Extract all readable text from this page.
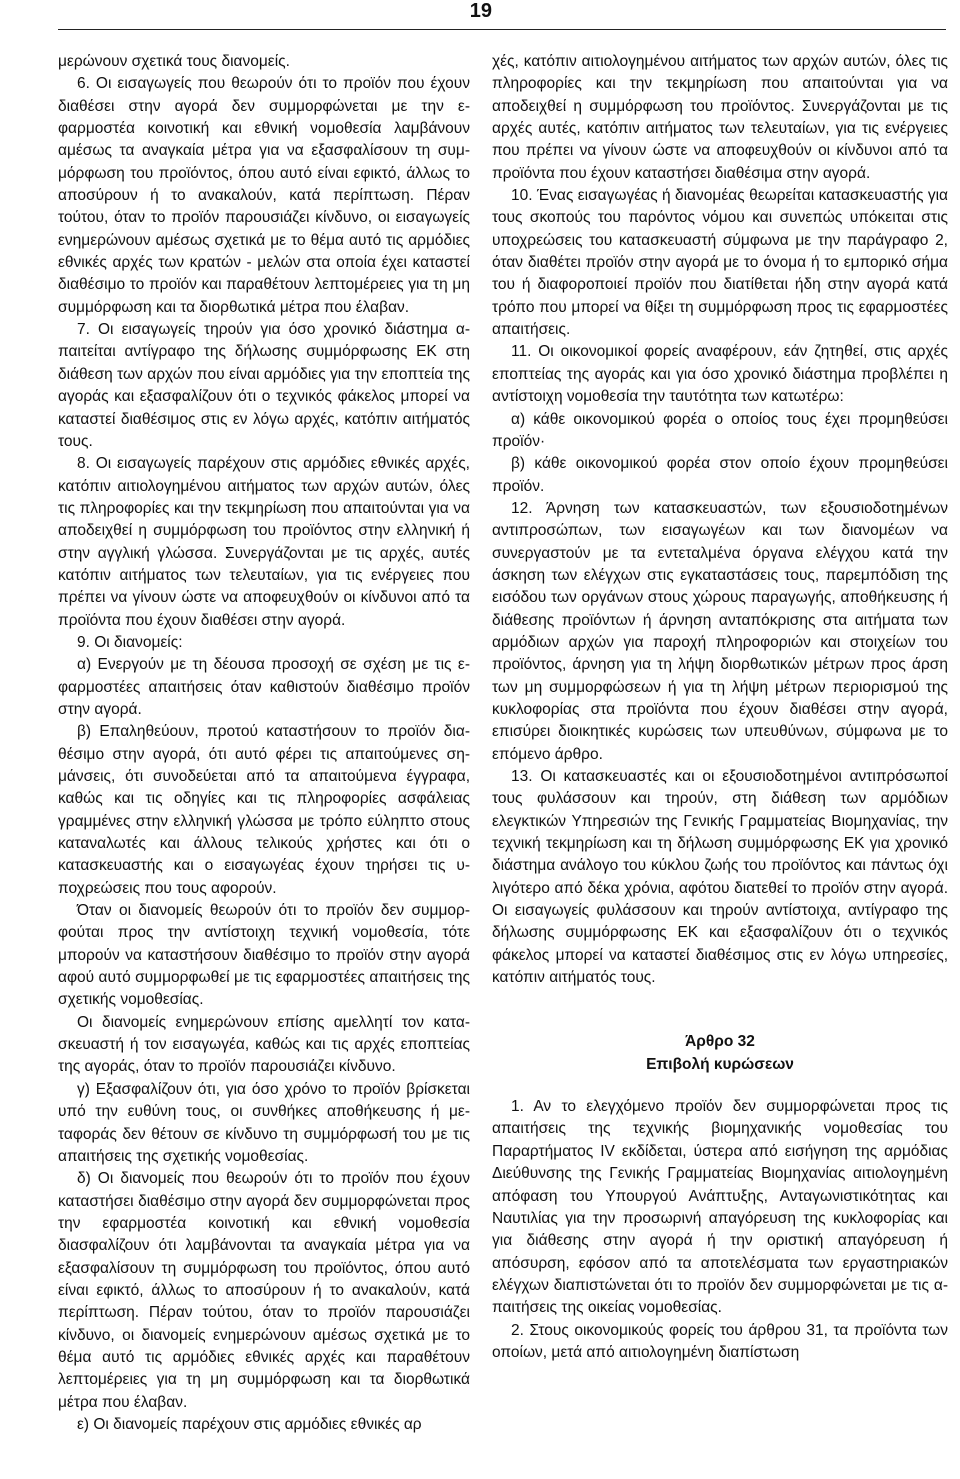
19

μερώνουν σχετικά τους διανομείς.

6. Οι εισαγωγείς που θεωρούν ότι το προϊόν που έχουν διαθέσει στην αγορά δεν συμμορφώνεται με την εφαρμοστέα κοινοτική και εθνική νομοθεσία λαμβάνουν αμέσως τα αναγκαία μέτρα για να εξασφαλίσουν τη συμμόρφωση του προϊόντος, όπου αυτό είναι εφικτό, άλλως το αποσύρουν ή το ανακαλούν, κατά περίπτωση. Πέραν τούτου, όταν το προϊόν παρουσιάζει κίνδυνο, οι εισαγωγείς ενημερώνουν αμέσως σχετικά με το θέμα αυτό τις αρμόδιες εθνικές αρχές των κρατών - μελών στα οποία έχει καταστεί διαθέσιμο το προϊόν και παραθέτουν λεπτομέρειες για τη μη συμμόρφωση και τα διορθωτικά μέτρα που έλαβαν.

7. Οι εισαγωγείς τηρούν για όσο χρονικό διάστημα απαιτείται αντίγραφο της δήλωσης συμμόρφωσης ΕΚ στη διάθεση των αρχών που είναι αρμόδιες για την εποπτεία της αγοράς και εξασφαλίζουν ότι ο τεχνικός φάκελος μπορεί να καταστεί διαθέσιμος στις εν λόγω αρχές, κατόπιν αιτήματός τους.

8. Οι εισαγωγείς παρέχουν στις αρμόδιες εθνικές αρχές, κατόπιν αιτιολογημένου αιτήματος των αρχών αυτών, όλες τις πληροφορίες και την τεκμηρίωση που απαιτούνται για να αποδειχθεί η συμμόρφωση του προϊόντος στην ελληνική ή στην αγγλική γλώσσα. Συνεργάζονται με τις αρχές, αυτές κατόπιν αιτήματος των τελευταίων, για τις ενέργειες που πρέπει να γίνουν ώστε να αποφευχθούν οι κίνδυνοι από τα προϊόντα που έχουν διαθέσει στην αγορά.

9. Οι διανομείς:

α) Ενεργούν με τη δέουσα προσοχή σε σχέση με τις εφαρμοστέες απαιτήσεις όταν καθιστούν διαθέσιμο προϊόν στην αγορά.

β) Επαληθεύουν, προτού καταστήσουν το προϊόν διαθέσιμο στην αγορά, ότι αυτό φέρει τις απαιτούμενες σημάνσεις, ότι συνοδεύεται από τα απαιτούμενα έγγραφα, καθώς και τις οδηγίες και τις πληροφορίες ασφάλειας γραμμένες στην ελληνική γλώσσα με τρόπο εύληπτο στους καταναλωτές και άλλους τελικούς χρήστες και ότι ο κατασκευαστής και ο εισαγωγέας έχουν τηρήσει τις υποχρεώσεις που τους αφορούν.

Όταν οι διανομείς θεωρούν ότι το προϊόν δεν συμμορφούται προς την αντίστοιχη τεχνική νομοθεσία, τότε μπορούν να καταστήσουν διαθέσιμο το προϊόν στην αγορά αφού αυτό συμμορφωθεί με τις εφαρμοστέες απαιτήσεις της σχετικής νομοθεσίας.

Οι διανομείς ενημερώνουν επίσης αμελλητί τον κατασκευαστή ή τον εισαγωγέα, καθώς και τις αρχές εποπτείας της αγοράς, όταν το προϊόν παρουσιάζει κίνδυνο.

γ) Εξασφαλίζουν ότι, για όσο χρόνο το προϊόν βρίσκεται υπό την ευθύνη τους, οι συνθήκες αποθήκευσης ή μεταφοράς δεν θέτουν σε κίνδυνο τη συμμόρφωσή του με τις απαιτήσεις της σχετικής νομοθεσίας.

δ) Οι διανομείς που θεωρούν ότι το προϊόν που έχουν καταστήσει διαθέσιμο στην αγορά δεν συμμορφώνεται προς την εφαρμοστέα κοινοτική και εθνική νομοθεσία διασφαλίζουν ότι λαμβάνονται τα αναγκαία μέτρα για να εξασφαλίσουν τη συμμόρφωση του προϊόντος, όπου αυτό είναι εφικτό, άλλως το αποσύρουν ή το ανακαλούν, κατά περίπτωση. Πέραν τούτου, όταν το προϊόν παρουσιάζει κίνδυνο, οι διανομείς ενημερώνουν αμέσως σχετικά με το θέμα αυτό τις αρμόδιες εθνικές αρχές και παραθέτουν λεπτομέρειες για τη μη συμμόρφωση και τα διορθωτικά μέτρα που έλαβαν.

ε) Οι διανομείς παρέχουν στις αρμόδιες εθνικές αρ

χές, κατόπιν αιτιολογημένου αιτήματος των αρχών αυτών, όλες τις πληροφορίες και την τεκμηρίωση που απαιτούνται για να αποδειχθεί η συμμόρφωση του προϊόντος. Συνεργάζονται με τις αρχές αυτές, κατόπιν αιτήματος των τελευταίων, για τις ενέργειες που πρέπει να γίνουν ώστε να αποφευχθούν οι κίνδυνοι από τα προϊόντα που έχουν καταστήσει διαθέσιμα στην αγορά.

10. Ένας εισαγωγέας ή διανομέας θεωρείται κατασκευαστής για τους σκοπούς του παρόντος νόμου και συνεπώς υπόκειται στις υποχρεώσεις του κατασκευαστή σύμφωνα με την παράγραφο 2, όταν διαθέτει προϊόν στην αγορά με το όνομα ή το εμπορικό σήμα του ή διαφοροποιεί προϊόν που διατίθεται ήδη στην αγορά κατά τρόπο που μπορεί να θίξει τη συμμόρφωση προς τις εφαρμοστέες απαιτήσεις.

11. Οι οικονομικοί φορείς αναφέρουν, εάν ζητηθεί, στις αρχές εποπτείας της αγοράς και για όσο χρονικό διάστημα προβλέπει η αντίστοιχη νομοθεσία την ταυτότητα των κατωτέρω:

α) κάθε οικονομικού φορέα ο οποίος τους έχει προμηθεύσει προϊόν·

β) κάθε οικονομικού φορέα στον οποίο έχουν προμηθεύσει προϊόν.

12. Άρνηση των κατασκευαστών, των εξουσιοδοτημένων αντιπροσώπων, των εισαγωγέων και των διανομέων να συνεργαστούν με τα εντεταλμένα όργανα ελέγχου κατά την άσκηση των ελέγχων στις εγκαταστάσεις τους, παρεμπόδιση της εισόδου των οργάνων στους χώρους παραγωγής, αποθήκευσης ή διάθεσης προϊόντων ή άρνηση ανταπόκρισης στα αιτήματα των αρμόδιων αρχών για παροχή πληροφοριών και στοιχείων του προϊόντος, άρνηση για τη λήψη διορθωτικών μέτρων προς άρση των μη συμμορφώσεων ή για τη λήψη μέτρων περιορισμού της κυκλοφορίας στα προϊόντα που έχουν διαθέσει στην αγορά, επισύρει διοικητικές κυρώσεις των υπευθύνων, σύμφωνα με το επόμενο άρθρο.

13. Οι κατασκευαστές και οι εξουσιοδοτημένοι αντιπρόσωποί τους φυλάσσουν και τηρούν, στη διάθεση των αρμόδιων ελεγκτικών Υπηρεσιών της Γενικής Γραμματείας Βιομηχανίας, την τεχνική τεκμηρίωση και τη δήλωση συμμόρφωσης ΕΚ για χρονικό διάστημα ανάλογο του κύκλου ζωής του προϊόντος και πάντως όχι λιγότερο από δέκα χρόνια, αφότου διατεθεί το προϊόν στην αγορά. Οι εισαγωγείς φυλάσσουν και τηρούν αντίστοιχα, αντίγραφο της δήλωσης συμμόρφωσης ΕΚ και εξασφαλίζουν ότι ο τεχνικός φάκελος μπορεί να καταστεί διαθέσιμος στις εν λόγω υπηρεσίες, κατόπιν αιτήματός τους.

Άρθρο 32

Επιβολή κυρώσεων

1. Αν το ελεγχόμενο προϊόν δεν συμμορφώνεται προς τις απαιτήσεις της τεχνικής βιομηχανικής νομοθεσίας του Παραρτήματος IV εκδίδεται, ύστερα από εισήγηση της αρμόδιας Διεύθυνσης της Γενικής Γραμματείας Βιομηχανίας αιτιολογημένη απόφαση του Υπουργού Ανάπτυξης, Ανταγωνιστικότητας και Ναυτιλίας για την προσωρινή απαγόρευση της κυκλοφορίας και για διάθεσης στην αγορά ή την οριστική απαγόρευση ή απόσυρση, εφόσον από τα αποτελέσματα των εργαστηριακών ελέγχων διαπιστώνεται ότι το προϊόν δεν συμμορφώνεται με τις απαιτήσεις της οικείας νομοθεσίας.

2. Στους οικονομικούς φορείς του άρθρου 31, τα προϊόντα των οποίων, μετά από αιτιολογημένη διαπίστωση
